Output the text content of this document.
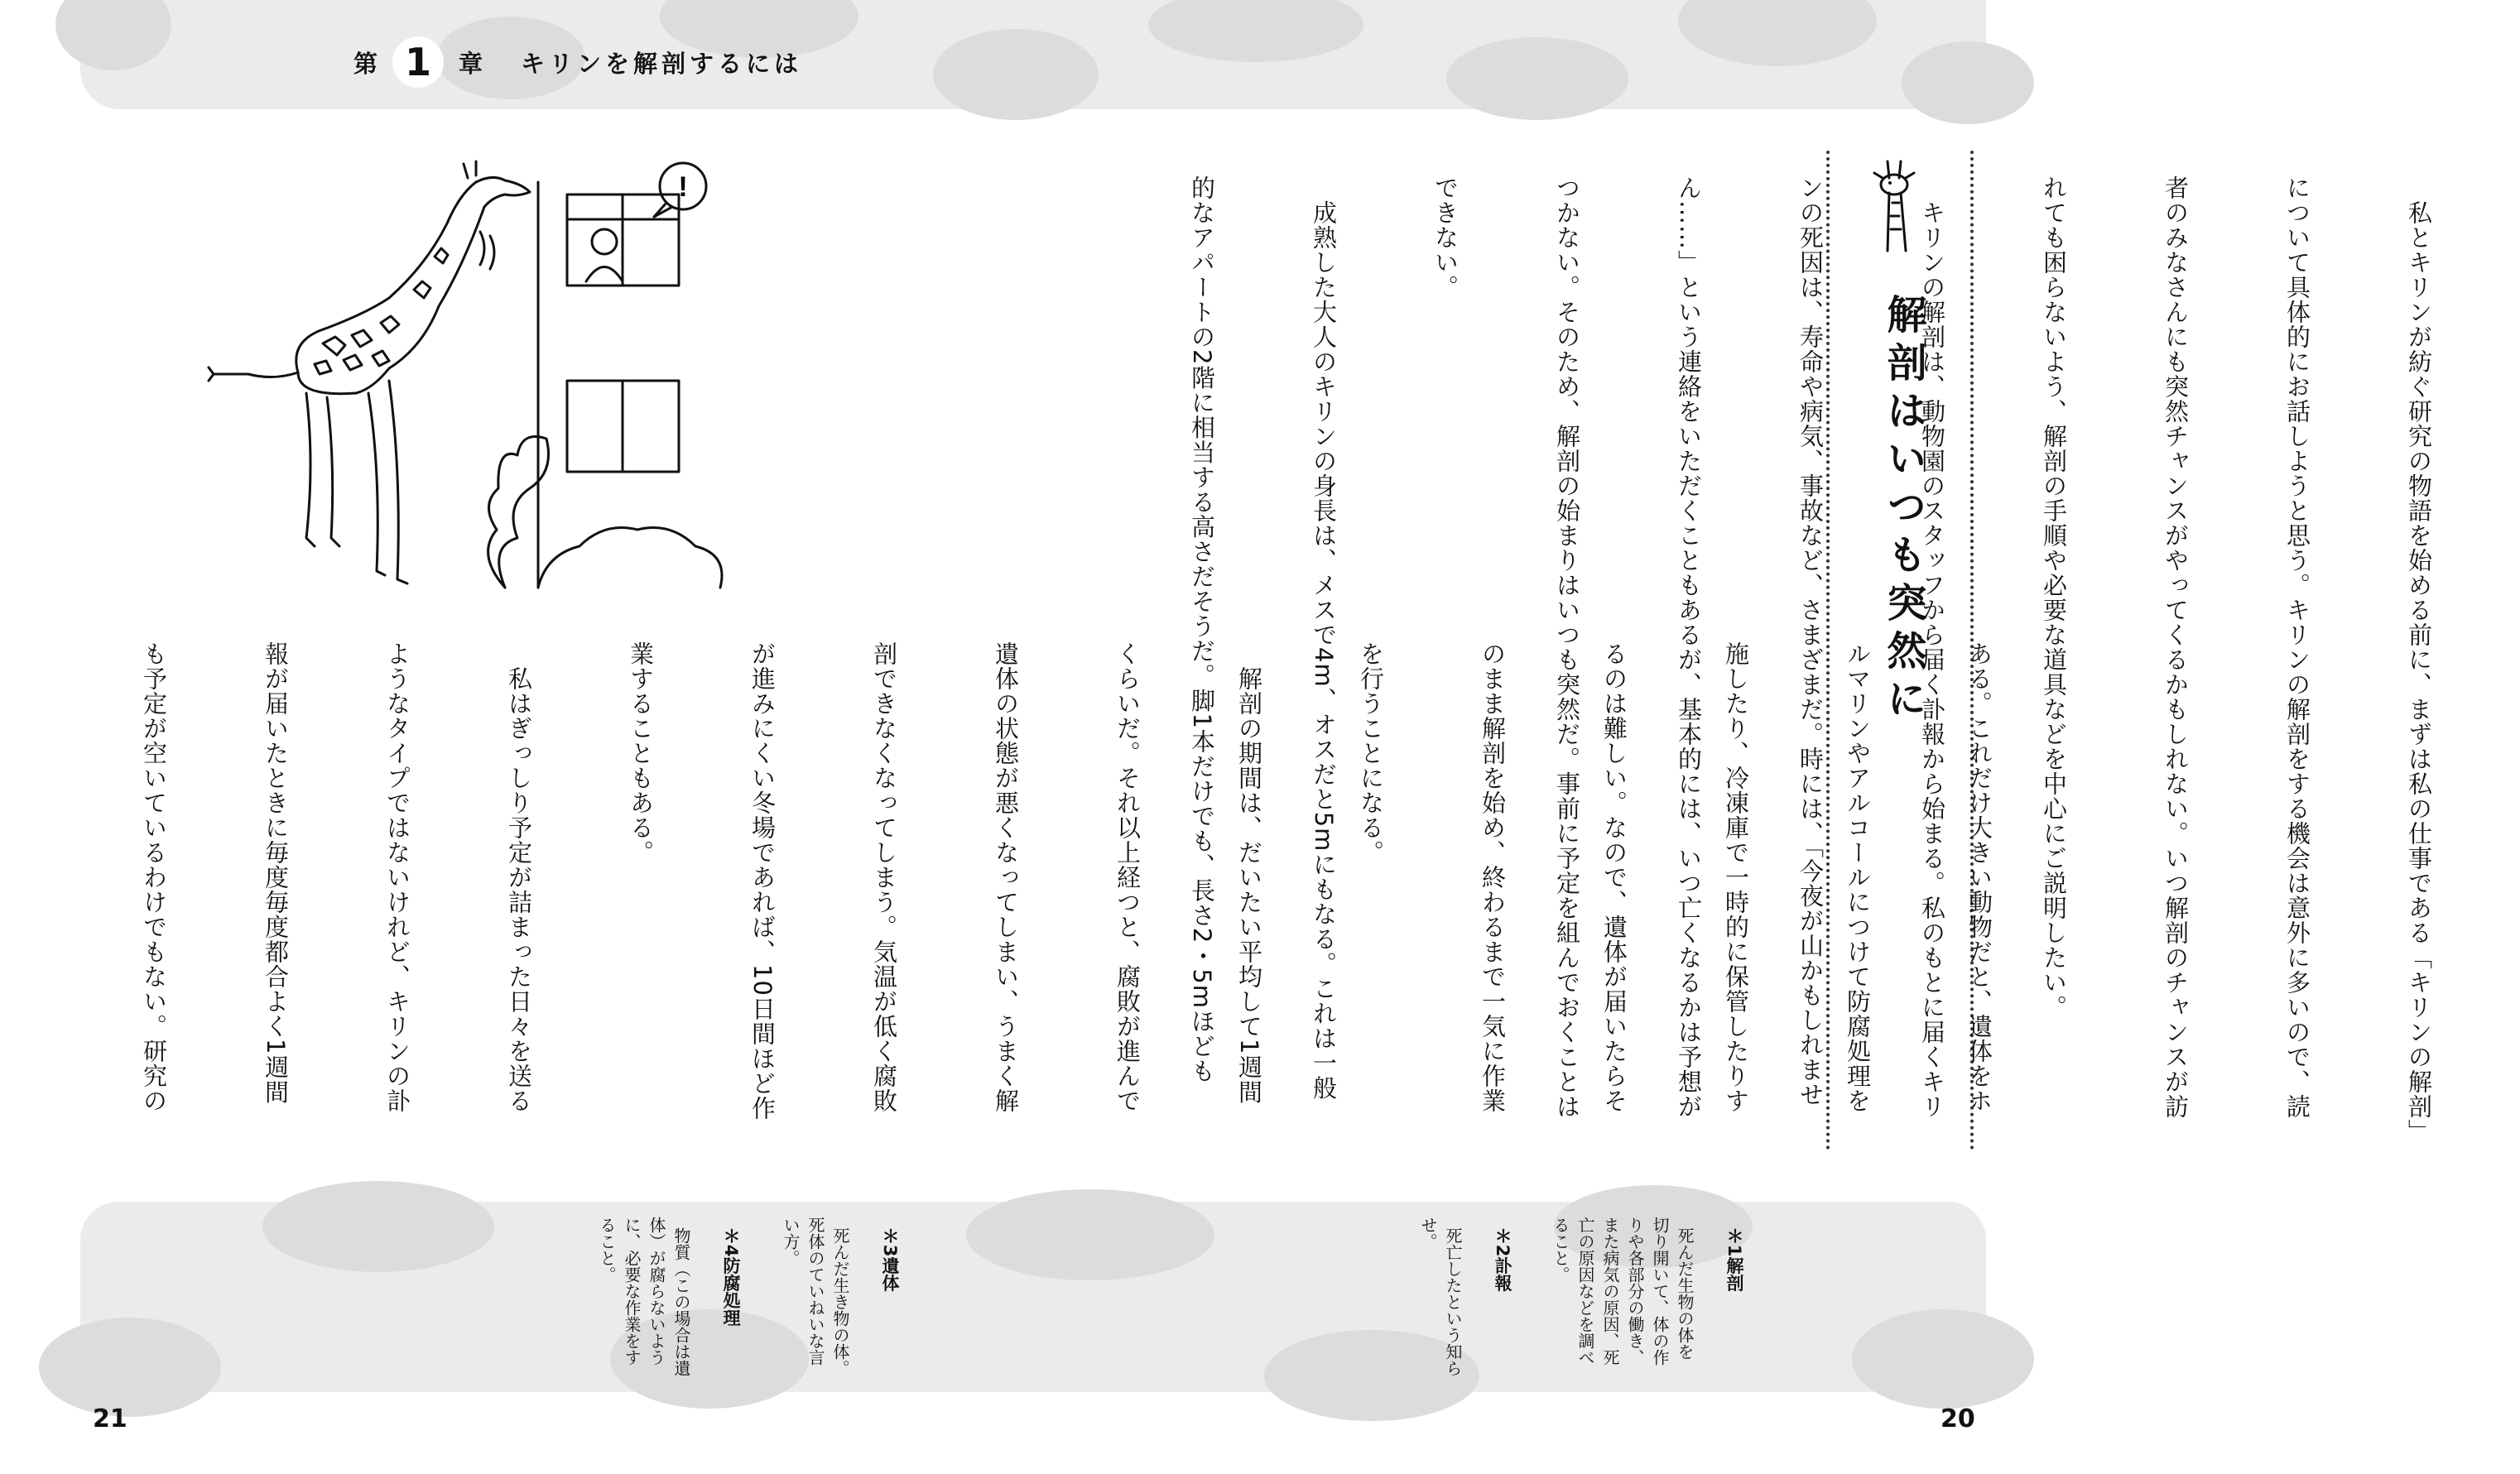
第 1	章 キリンを解剖するには
解剖はいつも突然に

	　私とキリンが紡ぐ研究の物語を始める前に、まずは私の仕事である「キリンの解剖」

について具体的にお話しようと思う。キリンの解剖をする機会は意外に多いので、読

者のみなさんにも突然チャンスがやってくるかもしれない。いつ解剖のチャンスが訪

れても困らないよう、解剖の手順や必要な道具などを中心にご説明したい。

　キリンの解剖は、動物園のスタッフから届く訃報から始まる。私のもとに届くキリ

ンの死因は、寿命や病気、事故など、さまざまだ。時には、「今夜が山かもしれませ

ん……」という連絡をいただくこともあるが、基本的には、いつ亡くなるかは予想が

つかない。そのため、解剖の始まりはいつも突然だ。事前に予定を組んでおくことは

できない。

　成熟した大人のキリンの身長は、メスで4m、オスだと5mにもなる。これは一般

的なアパートの2階に相当する高さだそうだ。脚1本だけでも、長さ2・5mほども

!

ある。これだけ大きい動物だと、遺体をホ

ルマリンやアルコールにつけて防腐処理を

施したり、冷凍庫で一時的に保管したりす

るのは難しい。なので、遺体が届いたらそ

のまま解剖を始め、終わるまで一気に作業

を行うことになる。

　解剖の期間は、だいたい平均して1週間

くらいだ。それ以上経つと、腐敗が進んで

遺体の状態が悪くなってしまい、うまく解

剖できなくなってしまう。気温が低く腐敗

が進みにくい冬場であれば、10日間ほど作

業することもある。

　私はぎっしり予定が詰まった日々を送る

ようなタイプではないけれど、キリンの訃

報が届いたときに毎度毎度都合よく1週間

も予定が空いているわけでもない。研究の

＊1解剖

死んだ生物の体を
切り開いて、体の作
りや各部分の働き、
また病気の原因、死
亡の原因などを調べ
ること。

＊2訃報

死亡したという知ら
せ。

＊3遺体

死んだ生き物の体。
死体のていねいな言
い方。

＊4防腐処理

物質（この場合は遺
体）が腐らないよう
に、必要な作業をす
ること。

21	20
